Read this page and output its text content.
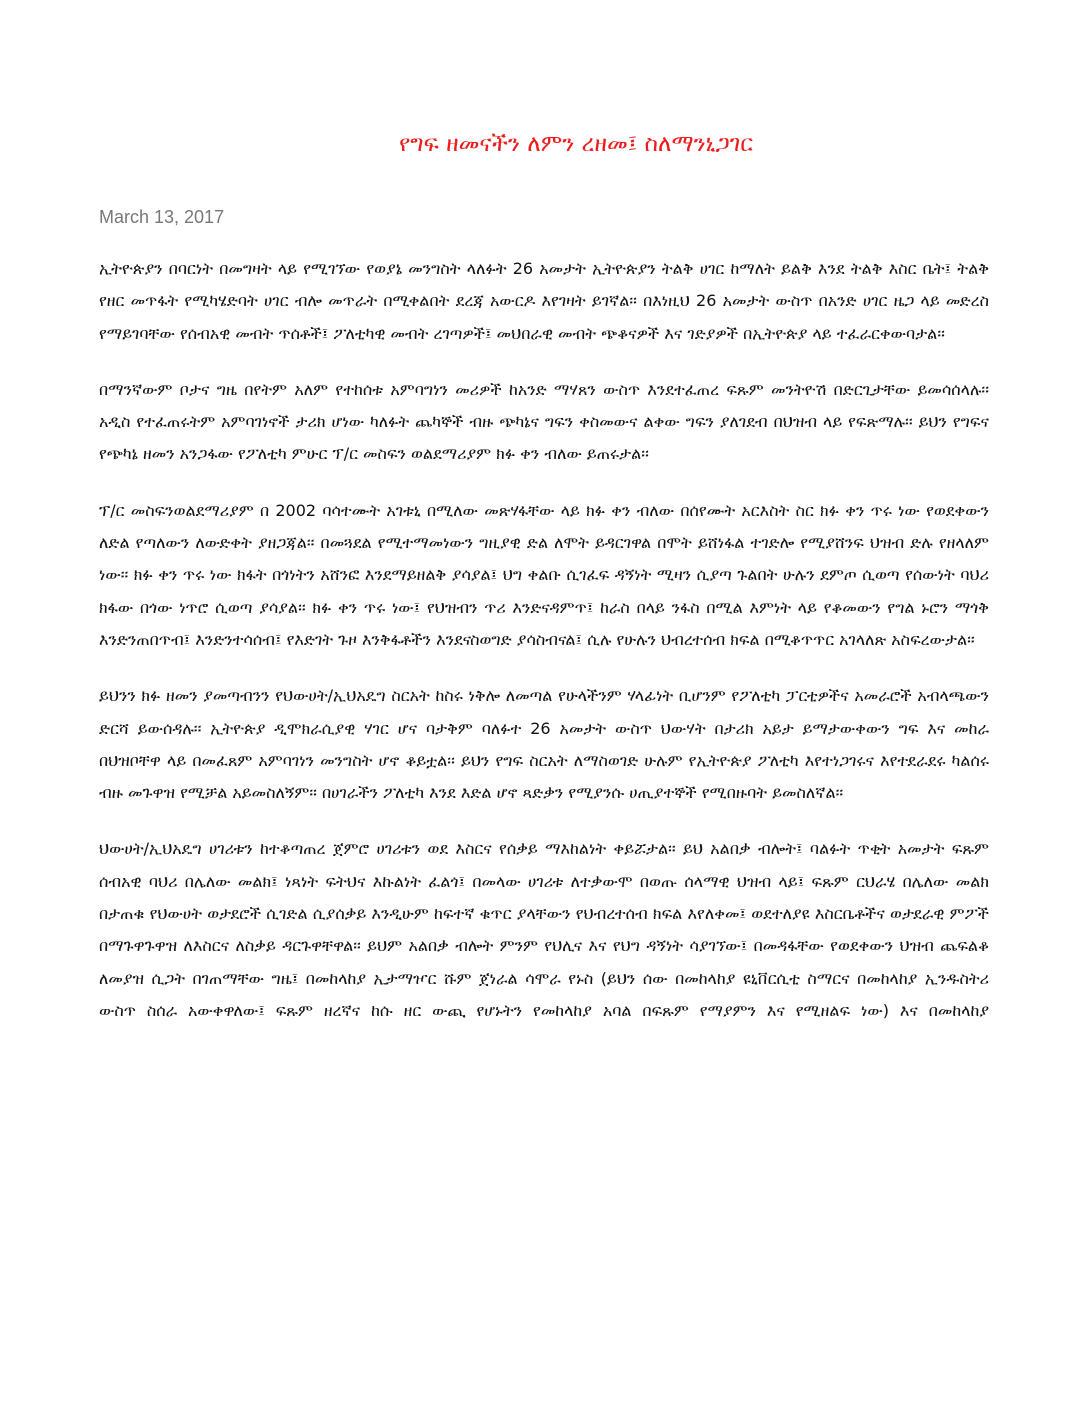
የግፍ ዘመናችን ለምን ረዘመ፤ ስለማንኒጋገር

March 13, 2017

ኢትዮጵያን በባርነት በመግዛት ላይ የሚገኘው የወያኔ መንግስት ላለፉት 26 አመታት ኢትዮጵያን ትልቅ ሀገር ከማለት ይልቅ እንደ ትልቅ እስር ቤት፤ ትልቅ የዘር መጥፋት የሚካሄድባት ሀገር ብሎ መጥራት በሚቀልበት ደረጃ አውርዶ እየገዛት ይገኛል፡፡ በእነዚህ 26 አመታት ውስጥ በአንድ ሀገር ዜጋ ላይ መድረስ የማይገባቸው የሰብአዊ መብት ጥሰቶች፤ ፖለቲካዊ መብት ረገጣዎች፤ መህበራዊ መብት ጭቆናዎች እና ገድያዎች በኢትዮጵያ ላይ ተፈራርቀውባታል፡፡

በማንኛውም ቦታና ግዜ በየትም አለም የተከሰቱ አምባግነን መሪዎች ከአንድ ማሃጸን ውስጥ እንደተፈጠረ ፍጹም መንትዮሽ በድርጊታቸው ይመሳሰላሉ፡፡ አዲስ የተፈጠሩትም አምባገነኖች ታሪክ ሆነው ካለፉት ጨካኞች ብዙ ጭካኔና ግፍን ቀስመውና ልቀው ግፍን ያለገደብ በህዝብ ላይ የፍጽማሉ፡፡ ይህን የግፍና የጭካኔ ዘመን አንጋፋው የፖለቲካ ምሁር ፕ/ር መስፍን ወልደማሪያም ክፉ ቀን ብለው ይጠሩታል፡፡

ፕ/ር መስፍንወልደማሪያም በ 2002 ባሳተሙት አገቱኒ በሚለው መጽሃፋቸው ላይ ክፉ ቀን ብለው በሰየሙት አርእስት ስር ክፉ ቀን ጥሩ ነው የወደቀውን ለድል የጣለውን ለውድቀት ያዘጋጃል፡፡ በመጓደል የሚተማመነውን ግዚያዊ ድል ለሞት ይዳርገዋል በሞት ይሸነፋል ተገድሎ የሚያሸንፍ ህዝብ ድሉ የዘላለም ነው፡፡ ክፉ ቀን ጥሩ ነው ክፋት በጎነትን አሸንፎ እንደማይዘልቅ ያሳያል፤ ህግ ቀልቡ ሲገፈፍ ዳኝነት ሚዛን ሲያጣ ጉልበት ሁሉን ደምጦ ሲወጣ የሰውነት ባህሪ ክፋው በጎው ነጥሮ ሲወጣ ያሳያል፡፡ ክፉ ቀን ጥሩ ነው፤ የህዝብን ጥሪ እንድናዳምጥ፤ ከራስ በላይ ንፋስ በሚል እምነት ላይ የቆመውን የግል ኑሮን ማጎቅ እንድንጠበጥብ፤ እንድንተሳሰብ፤ የእድገት ጉዞ እንቅፋቶችን እንደናስወግድ ያሳስብናል፤ ሲሉ የሁሉን ህብረተሰብ ክፍል በሚቆጥጥር አገላለጽ አስፍረውታል፡፡

ይህንን ክፉ ዘመን ያመጣብንን የህውሀት/ኢህአዴግ ስርአት ከስሩ ነቅሎ ለመጣል የሁላችንም ሃላፊነት ቢሆንም የፖለቲካ ፓርቲዎችና አመራሮች አብላጫውን ድርሻ ይውሰዳሉ፡፡ ኢትዮጵያ ዲሞክራሲያዊ ሃገር ሆና ባታቅም ባለፉተ 26 አመታት ውስጥ ህውሃት በታሪክ አይታ ይማታውቀውን ግፍ እና መከራ በህዝቦቸዋ ላይ በመፈጸም አምባገነን መንግስት ሆኖ ቆይቷል፡፡ ይህን የግፍ ስርአት ለማስወገድ ሁሉም የኢትዮጵያ ፖለቲካ እየተነጋገሩና እየተደራደሩ ካልሰሩ ብዙ መጉዋዝ የሚቻል አይመስለኝም፡፡ በሀገራችን ፖለቲካ እንደ እድል ሆኖ ጻድቃን የሚያንሱ ሀጢያተኞች የሚበዙባት ይመስለኛል፡፡

ህውሀት/ኢህአዴግ ሀገሪቱን ከተቆጣጠረ ጀምሮ ሀገሪቱን ወደ እስርና የሰቃይ ማእከልነት ቀይሯታል፡፡ ይህ አልበቃ ብሎት፤ ባልፉት ጥቂት አመታት ፍጹም ሰብአዊ ባህሪ በሌለው መልክ፤ ነጻነት ፍትህና እኩልነት ፈልጎ፤ በመላው ሀገሪቱ ለተቃውሞ በወጡ ሰላማዊ ህዝብ ላይ፤ ፍጹም ርህራሄ በሌለው መልክ በታጠቁ የህውሀት ወታደሮች ሲገድል ሲያሰቃይ እንዲሁም ከፍተኛ ቁጥር ያላቸውን የህብረተሰብ ክፍል እየለቀመ፤ ወደተለያዩ እስርቤቶችና ወታደራዊ ምፖች በማጉዋጉዋዝ ለእስርና ለስቃይ ዳርጉዋቸዋል፡፡ ይህም አልበቃ ብሎት ምንም የህሊና እና የህግ ዳኝነት ሳያገኘው፤ በመዳፋቸው የወደቀውን ህዝብ ጨፍልቆ ለመያዝ ሲጋት በገጠማቸው ግዜ፤ በመከላከያ ኢታማዦር ሹም ጀነራል ሳሞራ የኑስ (ይህን ሰው በመከላከያ ዩኒቨርሲቲ ስማርና በመከላከያ ኢንዱስትሪ ውስጥ ስሰራ አውቀዋለው፤ ፍጹም ዘረኛና ከሱ ዘር ውጪ የሆኑትን የመከላከያ አባል በፍጹም የማያምን እና የሚዘልፍ ነው) እና በመከላከያ
